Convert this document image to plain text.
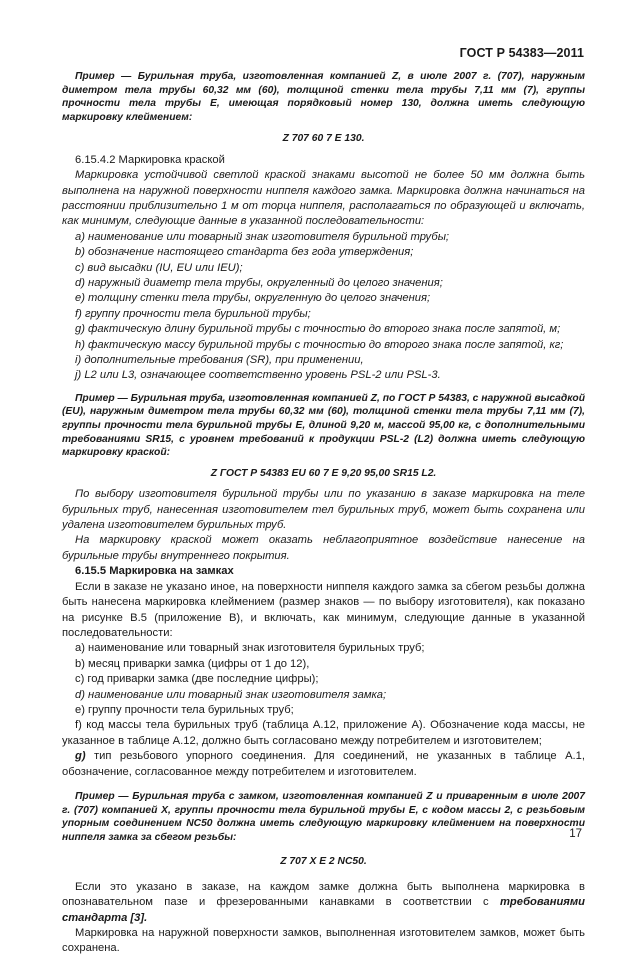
ГОСТ Р 54383—2011

Пример — Бурильная труба, изготовленная компанией Z, в июле 2007 г. (707), наружным диметром тела трубы 60,32 мм (60), толщиной стенки тела трубы 7,11 мм (7), группы прочности тела трубы E, имеющая порядковый номер 130, должна иметь следующую маркировку клеймением:

Z 707 60 7 E 130.

6.15.4.2 Маркировка краской

Маркировка устойчивой светлой краской знаками высотой не более 50 мм должна быть выполнена на наружной поверхности ниппеля каждого замка. Маркировка должна начинаться на расстоянии приблизительно 1 м от торца ниппеля, располагаться по образующей и включать, как минимум, следующие данные в указанной последовательности:

a) наименование или товарный знак изготовителя бурильной трубы;

b) обозначение настоящего стандарта без года утверждения;

c) вид высадки (IU, EU или IEU);

d) наружный диаметр тела трубы, округленный до целого значения;

e) толщину стенки тела трубы, округленную до целого значения;

f) группу прочности тела бурильной трубы;

g) фактическую длину бурильной трубы с точностью до второго знака после запятой, м;

h) фактическую массу бурильной трубы с точностью до второго знака после запятой, кг;

i) дополнительные требования (SR), при применении,

j) L2 или L3, означающее соответственно уровень PSL-2 или PSL-3.

Пример — Бурильная труба, изготовленная компанией Z, по ГОСТ Р 54383, с наружной высадкой (EU), наружным диметром тела трубы 60,32 мм (60), толщиной стенки тела трубы 7,11 мм (7), группы прочности тела бурильной трубы E, длиной 9,20 м, массой 95,00 кг, с дополнительными требованиями SR15, с уровнем требований к продукции PSL-2 (L2) должна иметь следующую маркировку краской:

Z ГОСТ Р 54383 EU 60 7 E 9,20 95,00 SR15 L2.

По выбору изготовителя бурильной трубы или по указанию в заказе маркировка на теле бурильных труб, нанесенная изготовителем тел бурильных труб, может быть сохранена или удалена изготовителем бурильных труб.

На маркировку краской может оказать неблагоприятное воздействие нанесение на бурильные трубы внутреннего покрытия.

6.15.5 Маркировка на замках

Если в заказе не указано иное, на поверхности ниппеля каждого замка за сбегом резьбы должна быть нанесена маркировка клеймением (размер знаков — по выбору изготовителя), как показано на рисунке В.5 (приложение В), и включать, как минимум, следующие данные в указанной последовательности:

a) наименование или товарный знак изготовителя бурильных труб;

b) месяц приварки замка (цифры от 1 до 12),

c) год приварки замка (две последние цифры);

d) наименование или товарный знак изготовителя замка;

e) группу прочности тела бурильных труб;

f) код массы тела бурильных труб (таблица А.12, приложение А). Обозначение кода массы, не указанное в таблице А.12, должно быть согласовано между потребителем и изготовителем;

g) тип резьбового упорного соединения. Для соединений, не указанных в таблице А.1, обозначение, согласованное между потребителем и изготовителем.

Пример — Бурильная труба с замком, изготовленная компанией Z и приваренным в июле 2007 г. (707) компанией X, группы прочности тела бурильной трубы E, с кодом массы 2, с резьбовым упорным соединением NC50 должна иметь следующую маркировку клеймением на поверхности ниппеля замка за сбегом резьбы:

Z 707 X E 2 NC50.

Если это указано в заказе, на каждом замке должна быть выполнена маркировка в опознавательном пазе и фрезерованными канавками в соответствии с требованиями стандарта [3].

Маркировка на наружной поверхности замков, выполненная изготовителем замков, может быть сохранена.

17
